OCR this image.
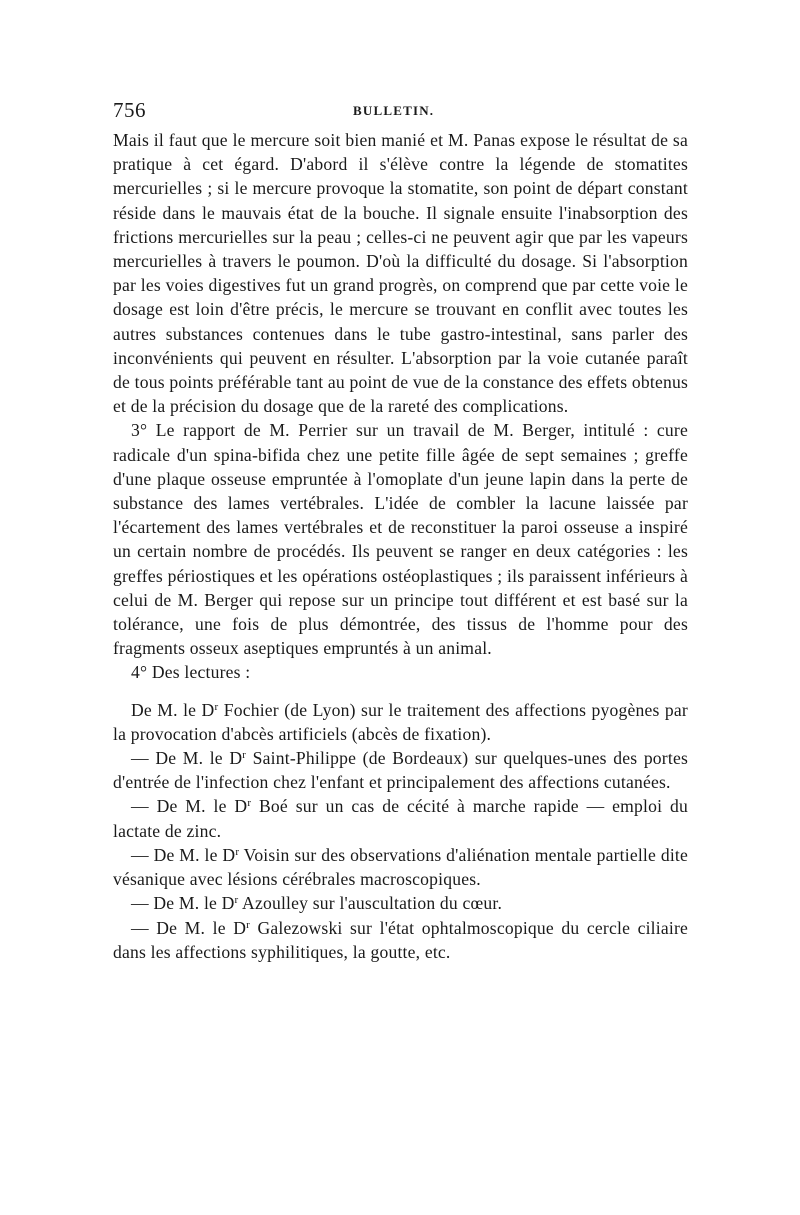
756	BULLETIN.

Mais il faut que le mercure soit bien manié et M. Panas expose le résultat de sa pratique à cet égard. D'abord il s'élève contre la légende de stomatites mercurielles ; si le mercure provoque la stomatite, son point de départ constant réside dans le mauvais état de la bouche. Il signale ensuite l'inabsorption des frictions mercurielles sur la peau ; celles-ci ne peuvent agir que par les vapeurs mercurielles à travers le poumon. D'où la difficulté du dosage. Si l'absorption par les voies digestives fut un grand progrès, on comprend que par cette voie le dosage est loin d'être précis, le mercure se trouvant en conflit avec toutes les autres substances contenues dans le tube gastro-intestinal, sans parler des inconvénients qui peuvent en résulter. L'absorption par la voie cutanée paraît de tous points préférable tant au point de vue de la constance des effets obtenus et de la précision du dosage que de la rareté des complications.

3° Le rapport de M. Perrier sur un travail de M. Berger, intitulé : cure radicale d'un spina-bifida chez une petite fille âgée de sept semaines ; greffe d'une plaque osseuse empruntée à l'omoplate d'un jeune lapin dans la perte de substance des lames vertébrales. L'idée de combler la lacune laissée par l'écartement des lames vertébrales et de reconstituer la paroi osseuse a inspiré un certain nombre de procédés. Ils peuvent se ranger en deux catégories : les greffes périostiques et les opérations ostéoplastiques ; ils paraissent inférieurs à celui de M. Berger qui repose sur un principe tout différent et est basé sur la tolérance, une fois de plus démontrée, des tissus de l'homme pour des fragments osseux aseptiques empruntés à un animal.

4° Des lectures :

De M. le $D^r$ Fochier (de Lyon) sur le traitement des affections pyogènes par la provocation d'abcès artificiels (abcès de fixation).

— De M. le $D^r$ Saint-Philippe (de Bordeaux) sur quelques-unes des portes d'entrée de l'infection chez l'enfant et principalement des affections cutanées.

— De M. le $D^r$ Boé sur un cas de cécité à marche rapide — emploi du lactate de zinc.

— De M. le $D^r$ Voisin sur des observations d'aliénation mentale partielle dite vésanique avec lésions cérébrales macroscopiques.

— De M. le $D^r$ Azoulley sur l'auscultation du cœur.

— De M. le $D^r$ Galezowski sur l'état ophtalmoscopique du cercle ciliaire dans les affections syphilitiques, la goutte, etc.
